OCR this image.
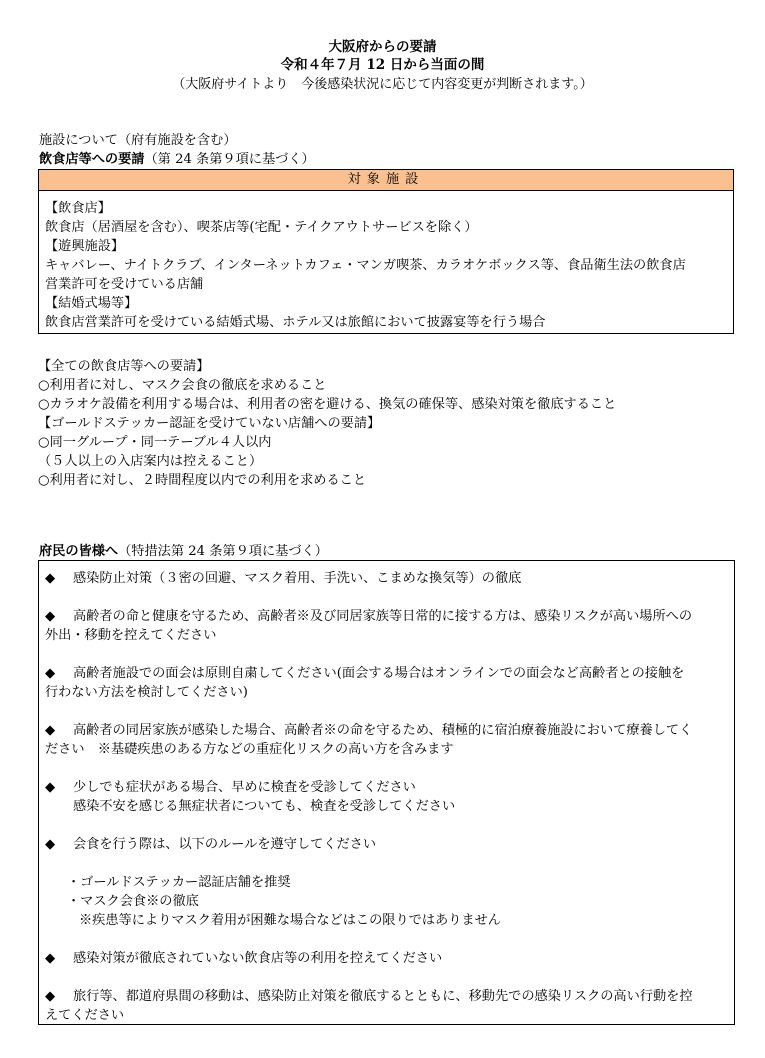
大阪府からの要請
令和４年７月 12 日から当面の間
（大阪府サイトより　今後感染状況に応じて内容変更が判断されます。）
施設について（府有施設を含む）
飲食店等への要請（第 24 条第９項に基づく）
対象施設
【飲食店】
飲食店（居酒屋を含む）、喫茶店等(宅配・テイクアウトサービスを除く）
【遊興施設】
キャバレー、ナイトクラブ、インターネットカフェ・マンガ喫茶、カラオケボックス等、食品衛生法の飲食店
営業許可を受けている店舗
【結婚式場等】
飲食店営業許可を受けている結婚式場、ホテル又は旅館において披露宴等を行う場合
【全ての飲食店等への要請】
○利用者に対し、マスク会食の徹底を求めること
○カラオケ設備を利用する場合は、利用者の密を避ける、換気の確保等、感染対策を徹底すること
【ゴールドステッカー認証を受けていない店舗への要請】
○同一グループ・同一テーブル４人以内
（５人以上の入店案内は控えること）
○利用者に対し、２時間程度以内での利用を求めること
府民の皆様へ（特措法第 24 条第９項に基づく）
◆	感染防止対策（３密の回避、マスク着用、手洗い、こまめな換気等）の徹底
◆	高齢者の命と健康を守るため、高齢者※及び同居家族等日常的に接する方は、感染リスクが高い場所への
外出・移動を控えてください
◆	高齢者施設での面会は原則自粛してください(面会する場合はオンラインでの面会など高齢者との接触を
行わない方法を検討してください)
◆	高齢者の同居家族が感染した場合、高齢者※の命を守るため、積極的に宿泊療養施設において療養してく
ださい　※基礎疾患のある方などの重症化リスクの高い方を含みます
◆	少しでも症状がある場合、早めに検査を受診してください
感染不安を感じる無症状者についても、検査を受診してください
◆	会食を行う際は、以下のルールを遵守してください
・ゴールドステッカー認証店舗を推奨
・マスク会食※の徹底
※疾患等によりマスク着用が困難な場合などはこの限りではありません
◆	感染対策が徹底されていない飲食店等の利用を控えてください
◆	旅行等、都道府県間の移動は、感染防止対策を徹底するとともに、移動先での感染リスクの高い行動を控
えてください
